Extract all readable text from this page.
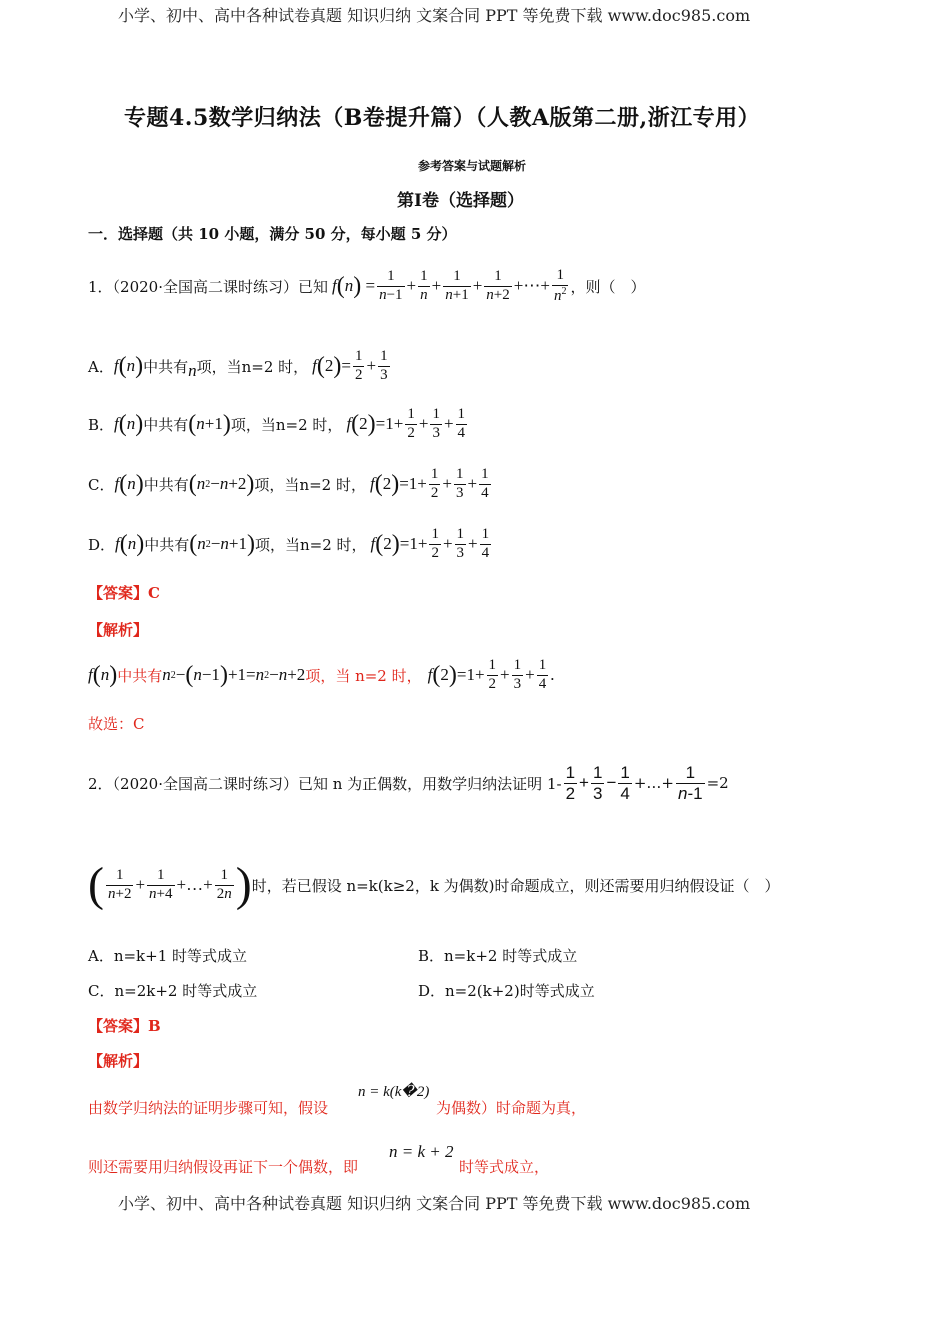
小学、初中、高中各种试卷真题 知识归纳 文案合同 PPT 等免费下载 www.doc985.com
小学、初中、高中各种试卷真题 知识归纳 文案合同 PPT 等免费下载 www.doc985.com
专题4.5数学归纳法（B卷提升篇）（人教A版第二册,浙江专用）
参考答案与试题解析
第Ⅰ卷（选择题）
一．选择题（共 10 小题，满分 50 分，每小题 5 分）
1．（2020·全国高二课时练习）已知 f ( n ) = $\frac{1}{n-1} + \frac{1}{n} + \frac{1}{n+1} + \frac{1}{n+2}$ +⋯+ $\frac{1}{n^2}$ ，则（　）
A． f ( n ) 中共有 n 项，当 n=2 时， f ( 2 ) = $\frac{1}{2} + \frac{1}{3}$
B． f ( n ) 中共有 ( n +1 ) 项，当 n=2 时， f ( 2 ) $=1+ \frac{1}{2} + \frac{1}{3} + \frac{1}{4}$
C． f ( n ) 中共有 ( n 2 − n +2 ) 项，当 n=2 时， f ( 2 ) $=1+ \frac{1}{2} + \frac{1}{3} + \frac{1}{4}$
D． f ( n ) 中共有 ( n 2 − n +1 ) 项，当 n=2 时， f ( 2 ) $=1+ \frac{1}{2} + \frac{1}{3} + \frac{1}{4}$
【答案】C
【解析】
f ( n ) 中共有 n 2 − ( n −1 ) +1= n 2 − n +2 项，当 n=2 时， f ( 2 ) $=1+ \frac{1}{2} + \frac{1}{3} + \frac{1}{4}$ .
故选：C
2．（2020·全国高二课时练习）已知 n 为正偶数，用数学归纳法证明 $1- \frac{1}{2} + \frac{1}{3} - \frac{1}{4}$ +…+ $\frac{1}{n-1} =2$
( $\frac{1}{n+2} + \frac{1}{n+4}$ +…+ $\frac{1}{2n}$ ) 时，若已假设 n=k(k≥2，k 为偶数)时命题成立，则还需要用归纳假设证（　）
A．n=k+1 时等式成立	B．n=k+2 时等式成立
C．n=2k+2 时等式成立	D．n=2(k+2)时等式成立
【答案】B
【解析】
由数学归纳法的证明步骤可知，假设
n = k(k�2)
为偶数）时命题为真，
则还需要用归纳假设再证下一个偶数，即
n = k + 2
时等式成立，
